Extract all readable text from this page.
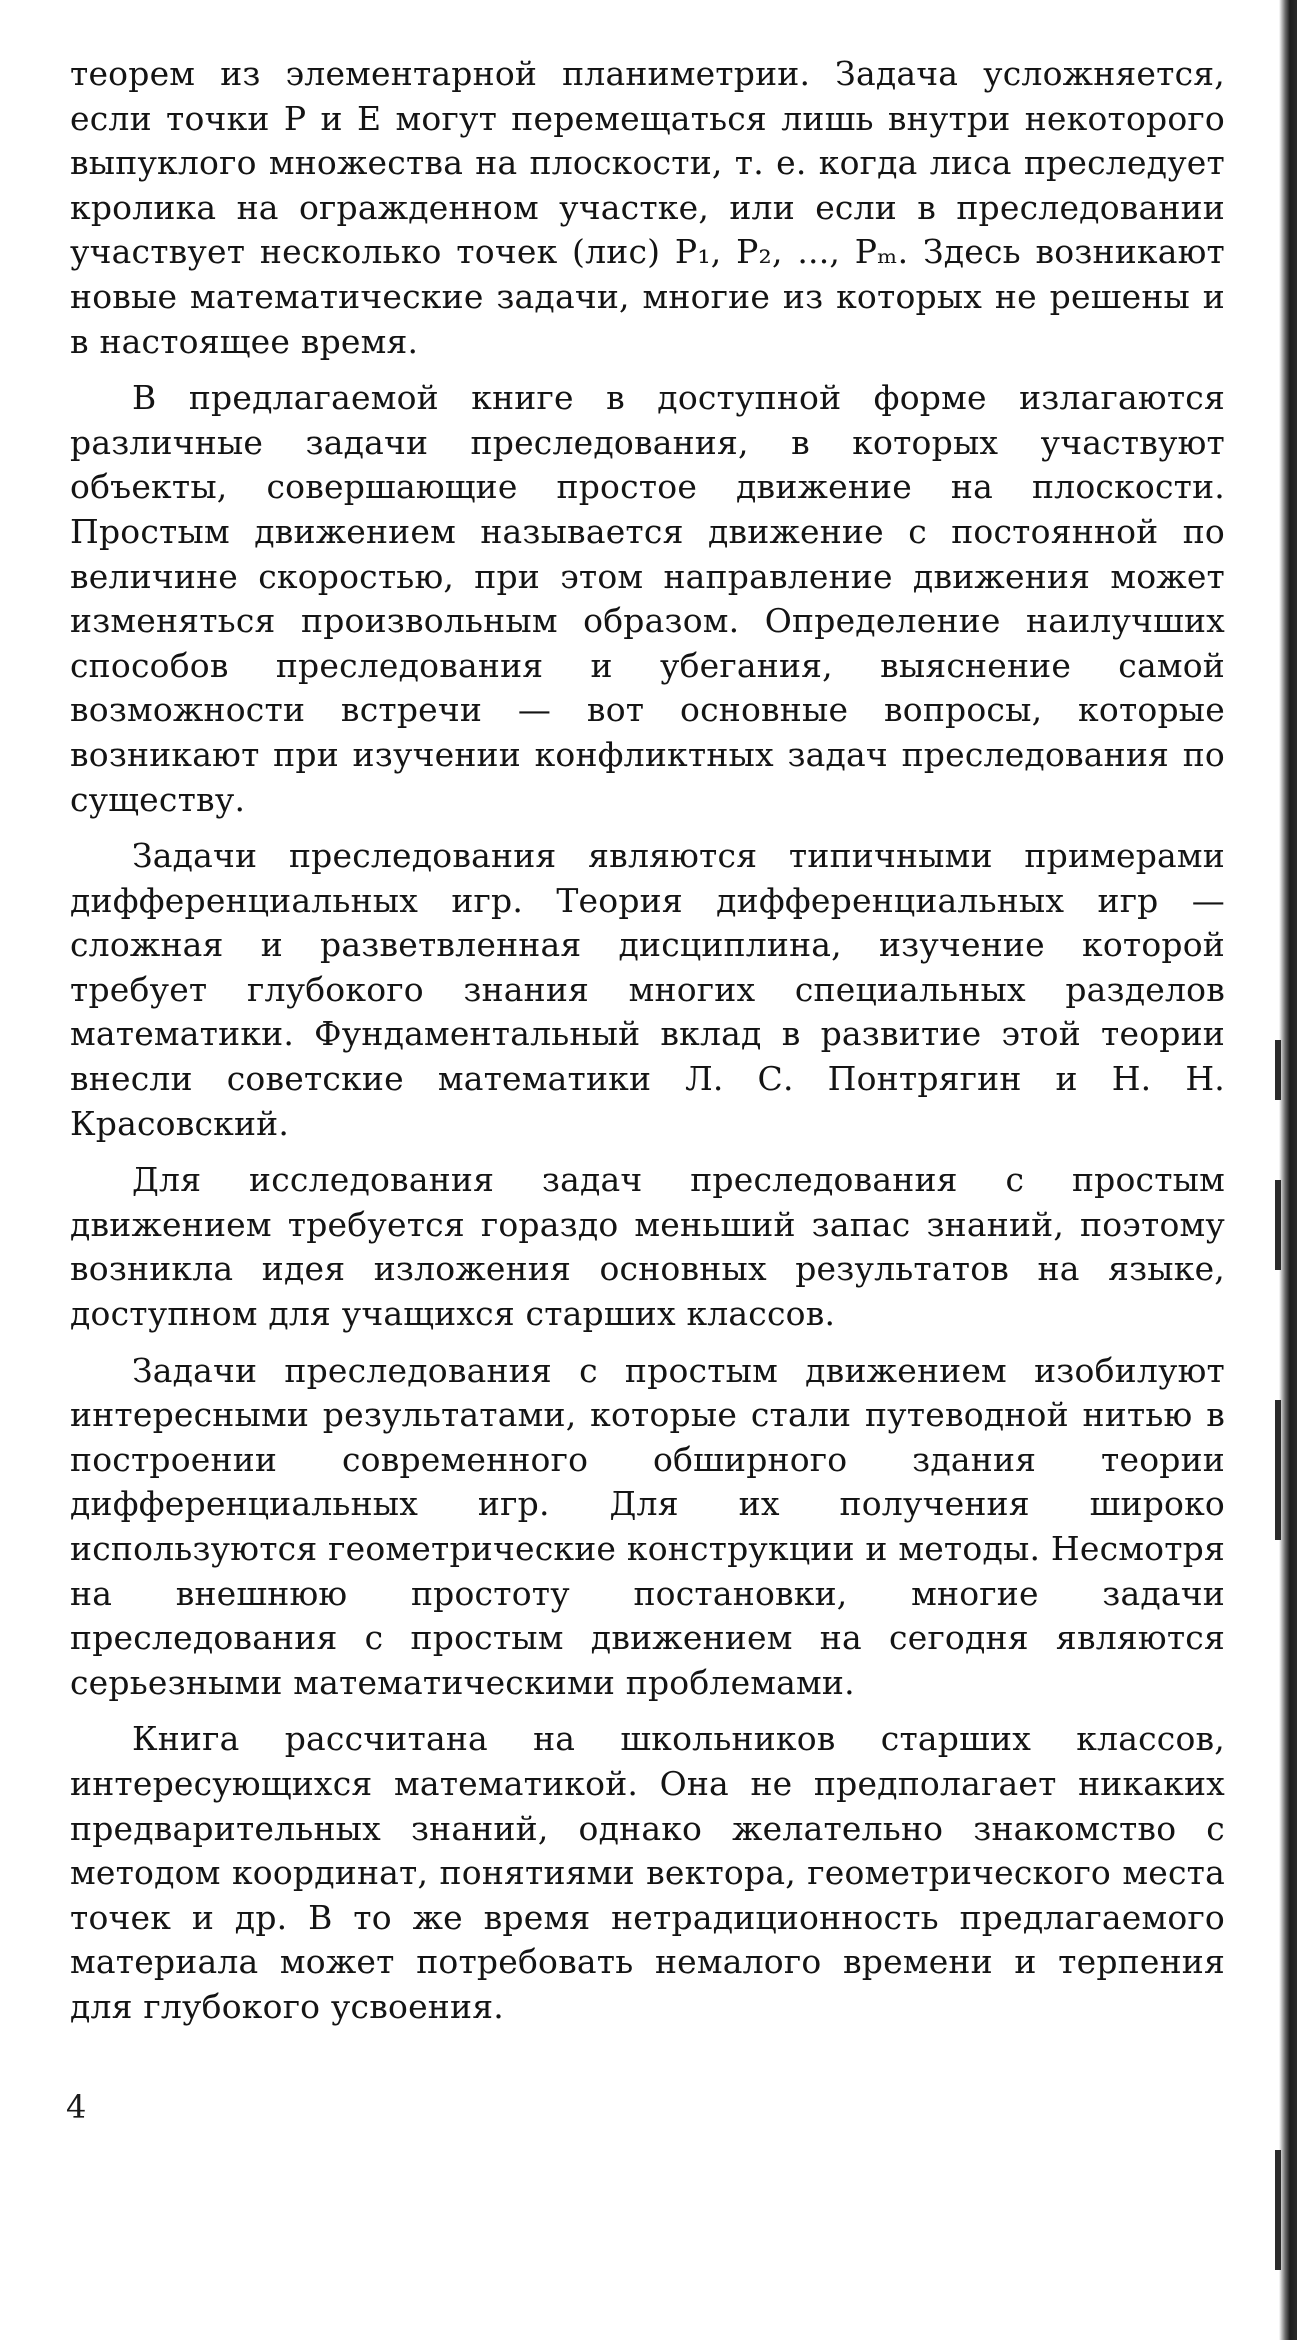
теорем из элементарной планиметрии. Задача усложняется, если точки P и E могут перемещаться лишь внутри некоторого выпуклого множества на плоскости, т. е. когда лиса преследует кролика на огражденном участке, или если в преследовании участвует несколько точек (лис) P₁, P₂, ..., Pₘ. Здесь возникают новые математические задачи, многие из которых не решены и в настоящее время.

В предлагаемой книге в доступной форме излагаются различные задачи преследования, в которых участвуют объекты, совершающие простое движение на плоскости. Простым движением называется движение с постоянной по величине скоростью, при этом направление движения может изменяться произвольным образом. Определение наилучших способов преследования и убегания, выяснение самой возможности встречи — вот основные вопросы, которые возникают при изучении конфликтных задач преследования по существу.

Задачи преследования являются типичными примерами дифференциальных игр. Теория дифференциальных игр — сложная и разветвленная дисциплина, изучение которой требует глубокого знания многих специальных разделов математики. Фундаментальный вклад в развитие этой теории внесли советские математики Л. С. Понтрягин и Н. Н. Красовский.

Для исследования задач преследования с простым движением требуется гораздо меньший запас знаний, поэтому возникла идея изложения основных результатов на языке, доступном для учащихся старших классов.

Задачи преследования с простым движением изобилуют интересными результатами, которые стали путеводной нитью в построении современного обширного здания теории дифференциальных игр. Для их получения широко используются геометрические конструкции и методы. Несмотря на внешнюю простоту постановки, многие задачи преследования с простым движением на сегодня являются серьезными математическими проблемами.

Книга рассчитана на школьников старших классов, интересующихся математикой. Она не предполагает никаких предварительных знаний, однако желательно знакомство с методом координат, понятиями вектора, геометрического места точек и др. В то же время нетрадиционность предлагаемого материала может потребовать немалого времени и терпения для глубокого усвоения.

4
